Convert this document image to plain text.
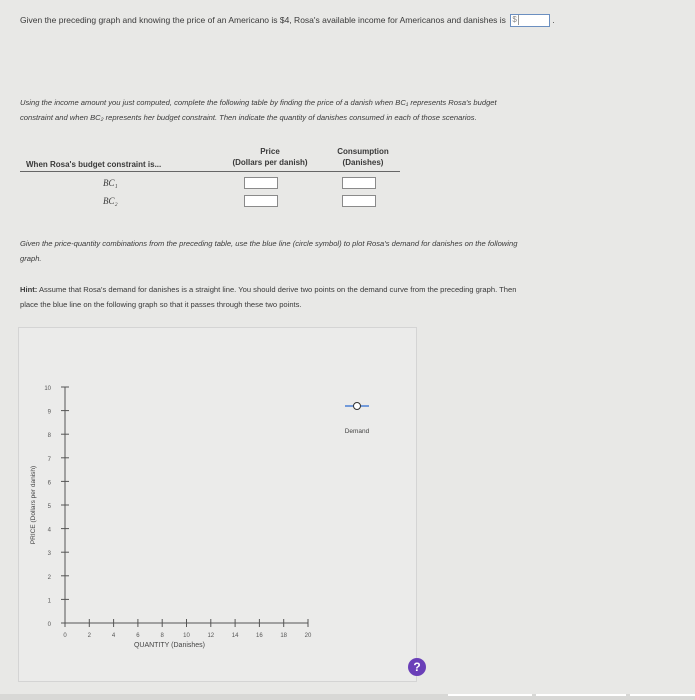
Given the preceding graph and knowing the price of an Americano is $4, Rosa's available income for Americanos and danishes is $	.
Using the income amount you just computed, complete the following table by finding the price of a danish when BC₁ represents Rosa's budget
constraint and when BC₂ represents her budget constraint. Then indicate the quantity of danishes consumed in each of those scenarios.
When Rosa's budget constraint is...
Price
(Dollars per danish)
Consumption
(Danishes)
BC₁
BC₂
Given the price-quantity combinations from the preceding table, use the blue line (circle symbol) to plot Rosa's demand for danishes on the following
graph.
Hint: Assume that Rosa's demand for danishes is a straight line. You should derive two points on the demand curve from the preceding graph. Then
place the blue line on the following graph so that it passes through these two points.
?
0
1
2
3
4
5
6
7
8
9
10
0	2	4	6	8	10	12	14	16	18	20
QUANTITY (Danishes)
PRICE (Dollars per danish)
Demand
